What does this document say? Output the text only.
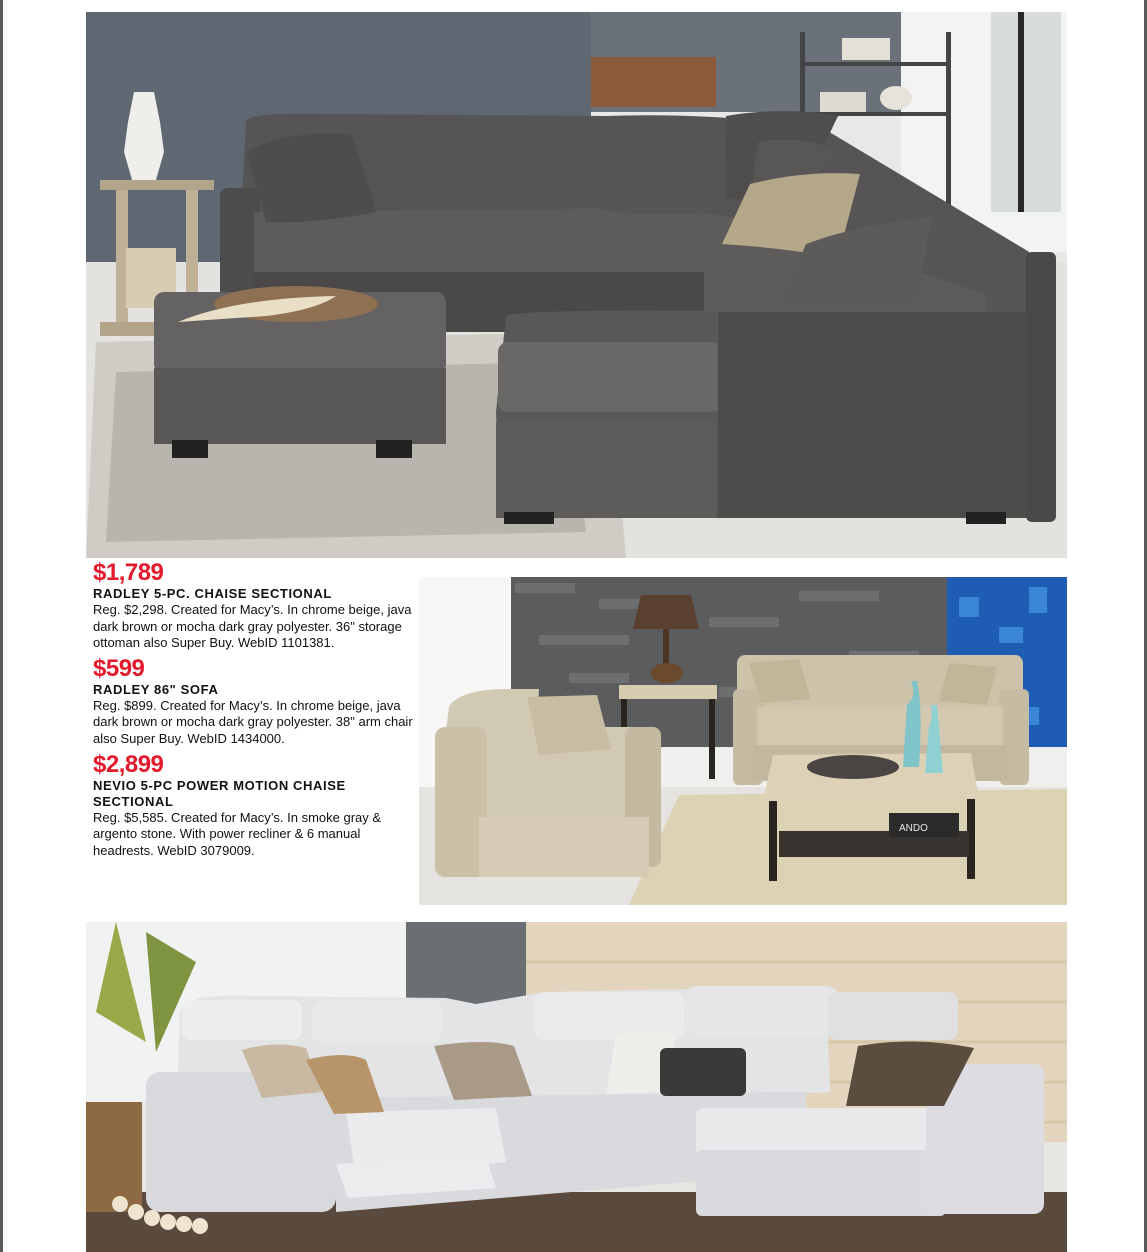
$1,789

RADLEY 5-PC. CHAISE SECTIONAL

Reg. $2,298. Created for Macy’s. In chrome beige, java dark brown or mocha dark gray polyester. 36" storage ottoman also Super Buy. WebID 1101381.

$599

RADLEY 86" SOFA

Reg. $899. Created for Macy’s. In chrome beige, java dark brown or mocha dark gray polyester. 38" arm chair also Super Buy. WebID 1434000.

$2,899

NEVIO 5-PC POWER MOTION CHAISE SECTIONAL

Reg. $5,585. Created for Macy’s. In smoke gray & argento stone. With power recliner & 6 manual headrests. WebID 3079009.

ANDO
